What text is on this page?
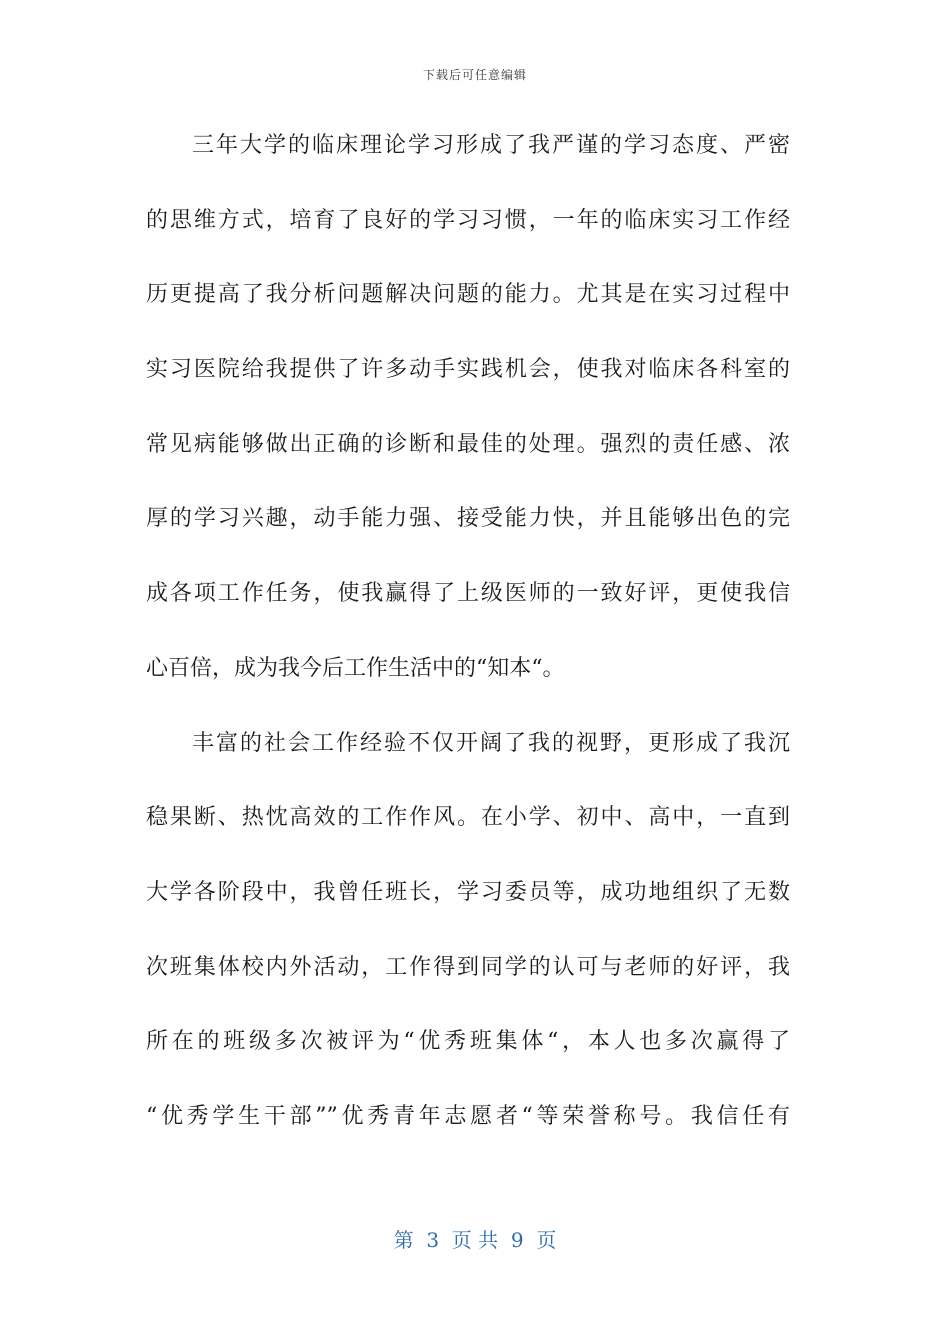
下载后可任意编辑
三年大学的临床理论学习形成了我严谨的学习态度、严密
的思维方式，培育了良好的学习习惯，一年的临床实习工作经
历更提高了我分析问题解决问题的能力。尤其是在实习过程中
实习医院给我提供了许多动手实践机会，使我对临床各科室的
常见病能够做出正确的诊断和最佳的处理。强烈的责任感、浓
厚的学习兴趣，动手能力强、接受能力快，并且能够出色的完
成各项工作任务，使我赢得了上级医师的一致好评，更使我信
心百倍，成为我今后工作生活中的“知本“。
丰富的社会工作经验不仅开阔了我的视野，更形成了我沉
稳果断、热忱高效的工作作风。在小学、初中、高中，一直到
大学各阶段中，我曾任班长，学习委员等，成功地组织了无数
次班集体校内外活动，工作得到同学的认可与老师的好评，我
所在的班级多次被评为“优秀班集体“，本人也多次赢得了
“优秀学生干部””优秀青年志愿者“等荣誉称号。我信任有
第  3  页 共  9  页
